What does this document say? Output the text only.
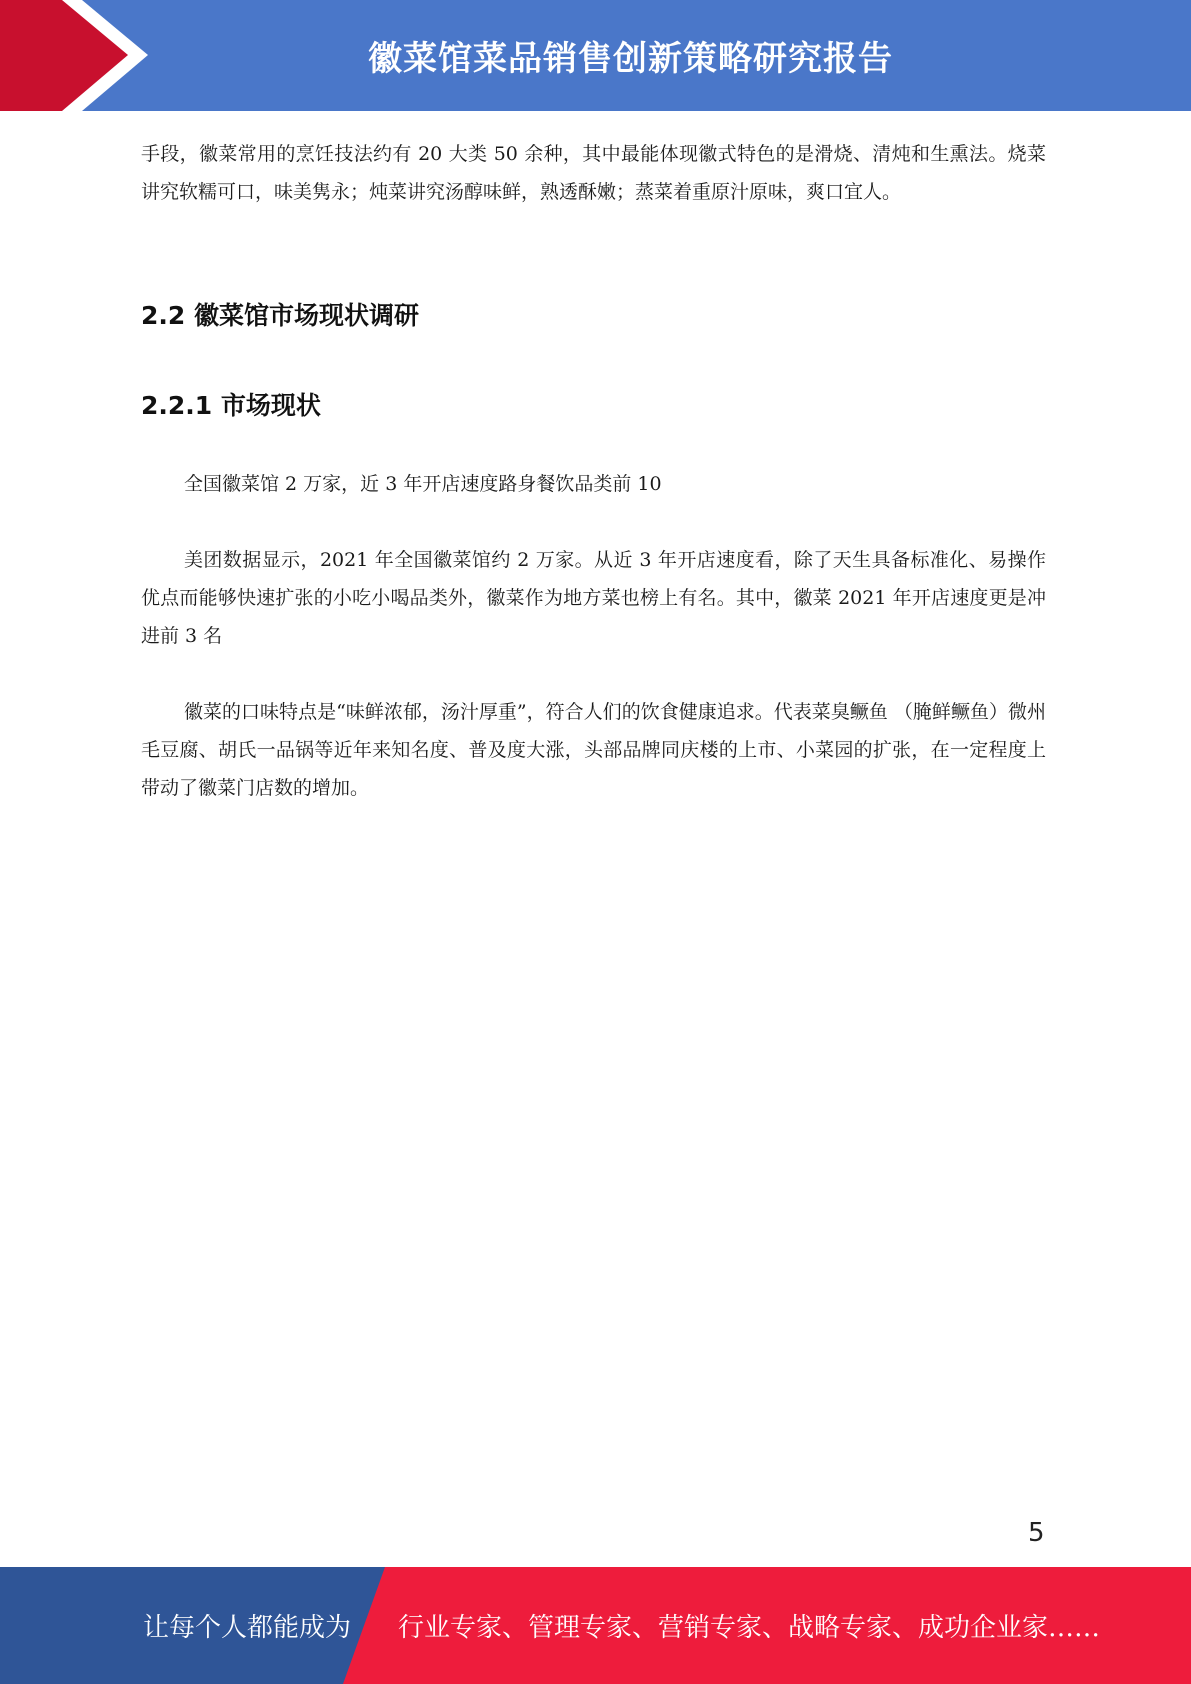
徽菜馆菜品销售创新策略研究报告

手段，徽菜常用的烹饪技法约有 20 大类 50 余种，其中最能体现徽式特色的是滑烧、清炖和生熏法。烧菜讲究软糯可口，味美隽永；炖菜讲究汤醇味鲜，熟透酥嫩；蒸菜着重原汁原味，爽口宜人。

2.2 徽菜馆市场现状调研
2.2.1 市场现状

全国徽菜馆 2 万家，近 3 年开店速度路身餐饮品类前 10

美团数据显示，2021 年全国徽菜馆约 2 万家。从近 3 年开店速度看，除了天生具备标准化、易操作优点而能够快速扩张的小吃小喝品类外，徽菜作为地方菜也榜上有名。其中，徽菜 2021 年开店速度更是冲进前 3 名

徽菜的口味特点是“味鲜浓郁，汤汁厚重”，符合人们的饮食健康追求。代表菜臭鳜鱼 （腌鲜鳜鱼）微州毛豆腐、胡氏一品锅等近年来知名度、普及度大涨，头部品牌同庆楼的上市、小菜园的扩张，在一定程度上带动了徽菜门店数的增加。

5
让每个人都能成为 行业专家、管理专家、营销专家、战略专家、成功企业家……
